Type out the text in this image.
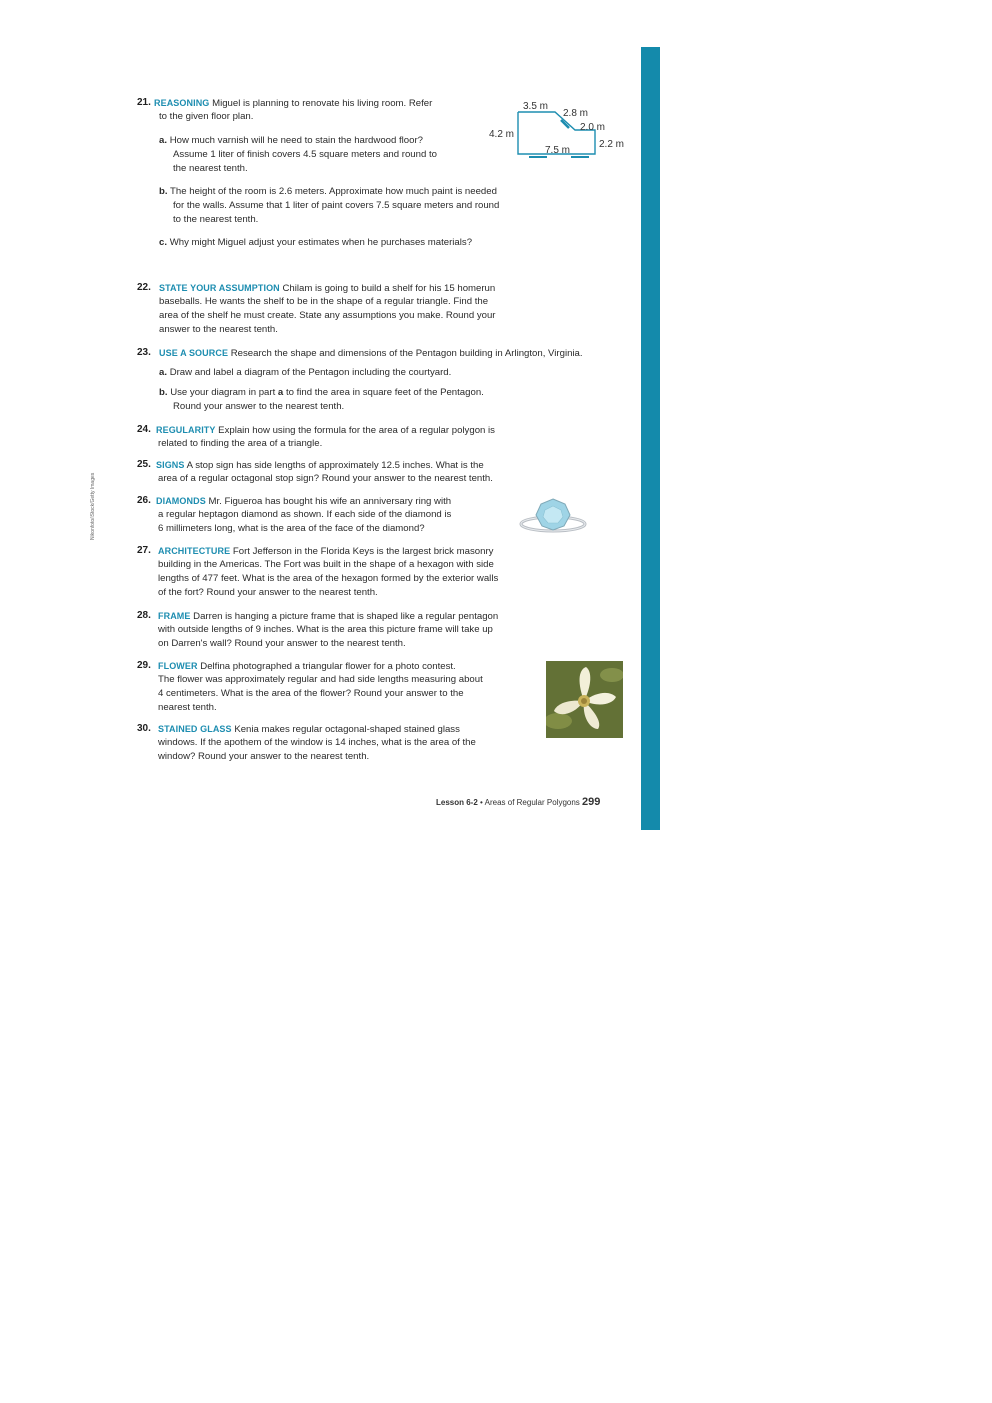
Nikonfoto/iStock/Getty Images
21. REASONING Miguel is planning to renovate his living room. Refer
to the given floor plan.
a. How much varnish will he need to stain the hardwood floor?
Assume 1 liter of finish covers 4.5 square meters and round to
the nearest tenth.
b. The height of the room is 2.6 meters. Approximate how much paint is needed
for the walls. Assume that 1 liter of paint covers 7.5 square meters and round
to the nearest tenth.
c. Why might Miguel adjust your estimates when he purchases materials?
3.5 m
2.8 m
2.0 m
4.2 m
2.2 m
7.5 m
22. STATE YOUR ASSUMPTION Chilam is going to build a shelf for his 15 homerun
baseballs. He wants the shelf to be in the shape of a regular triangle. Find the
area of the shelf he must create. State any assumptions you make. Round your
answer to the nearest tenth.
23. USE A SOURCE Research the shape and dimensions of the Pentagon building in Arlington, Virginia.
a. Draw and label a diagram of the Pentagon including the courtyard.
b. Use your diagram in part a to find the area in square feet of the Pentagon.
Round your answer to the nearest tenth.
24. REGULARITY Explain how using the formula for the area of a regular polygon is
related to finding the area of a triangle.
25. SIGNS A stop sign has side lengths of approximately 12.5 inches. What is the
area of a regular octagonal stop sign? Round your answer to the nearest tenth.
26. DIAMONDS Mr. Figueroa has bought his wife an anniversary ring with
a regular heptagon diamond as shown. If each side of the diamond is
6 millimeters long, what is the area of the face of the diamond?
27. ARCHITECTURE Fort Jefferson in the Florida Keys is the largest brick masonry
building in the Americas. The Fort was built in the shape of a hexagon with side
lengths of 477 feet. What is the area of the hexagon formed by the exterior walls
of the fort? Round your answer to the nearest tenth.
28. FRAME Darren is hanging a picture frame that is shaped like a regular pentagon
with outside lengths of 9 inches. What is the area this picture frame will take up
on Darren's wall? Round your answer to the nearest tenth.
29. FLOWER Delfina photographed a triangular flower for a photo contest.
The flower was approximately regular and had side lengths measuring about
4 centimeters. What is the area of the flower? Round your answer to the
nearest tenth.
30. STAINED GLASS Kenia makes regular octagonal-shaped stained glass
windows. If the apothem of the window is 14 inches, what is the area of the
window? Round your answer to the nearest tenth.
Lesson 6-2 • Areas of Regular Polygons 299
